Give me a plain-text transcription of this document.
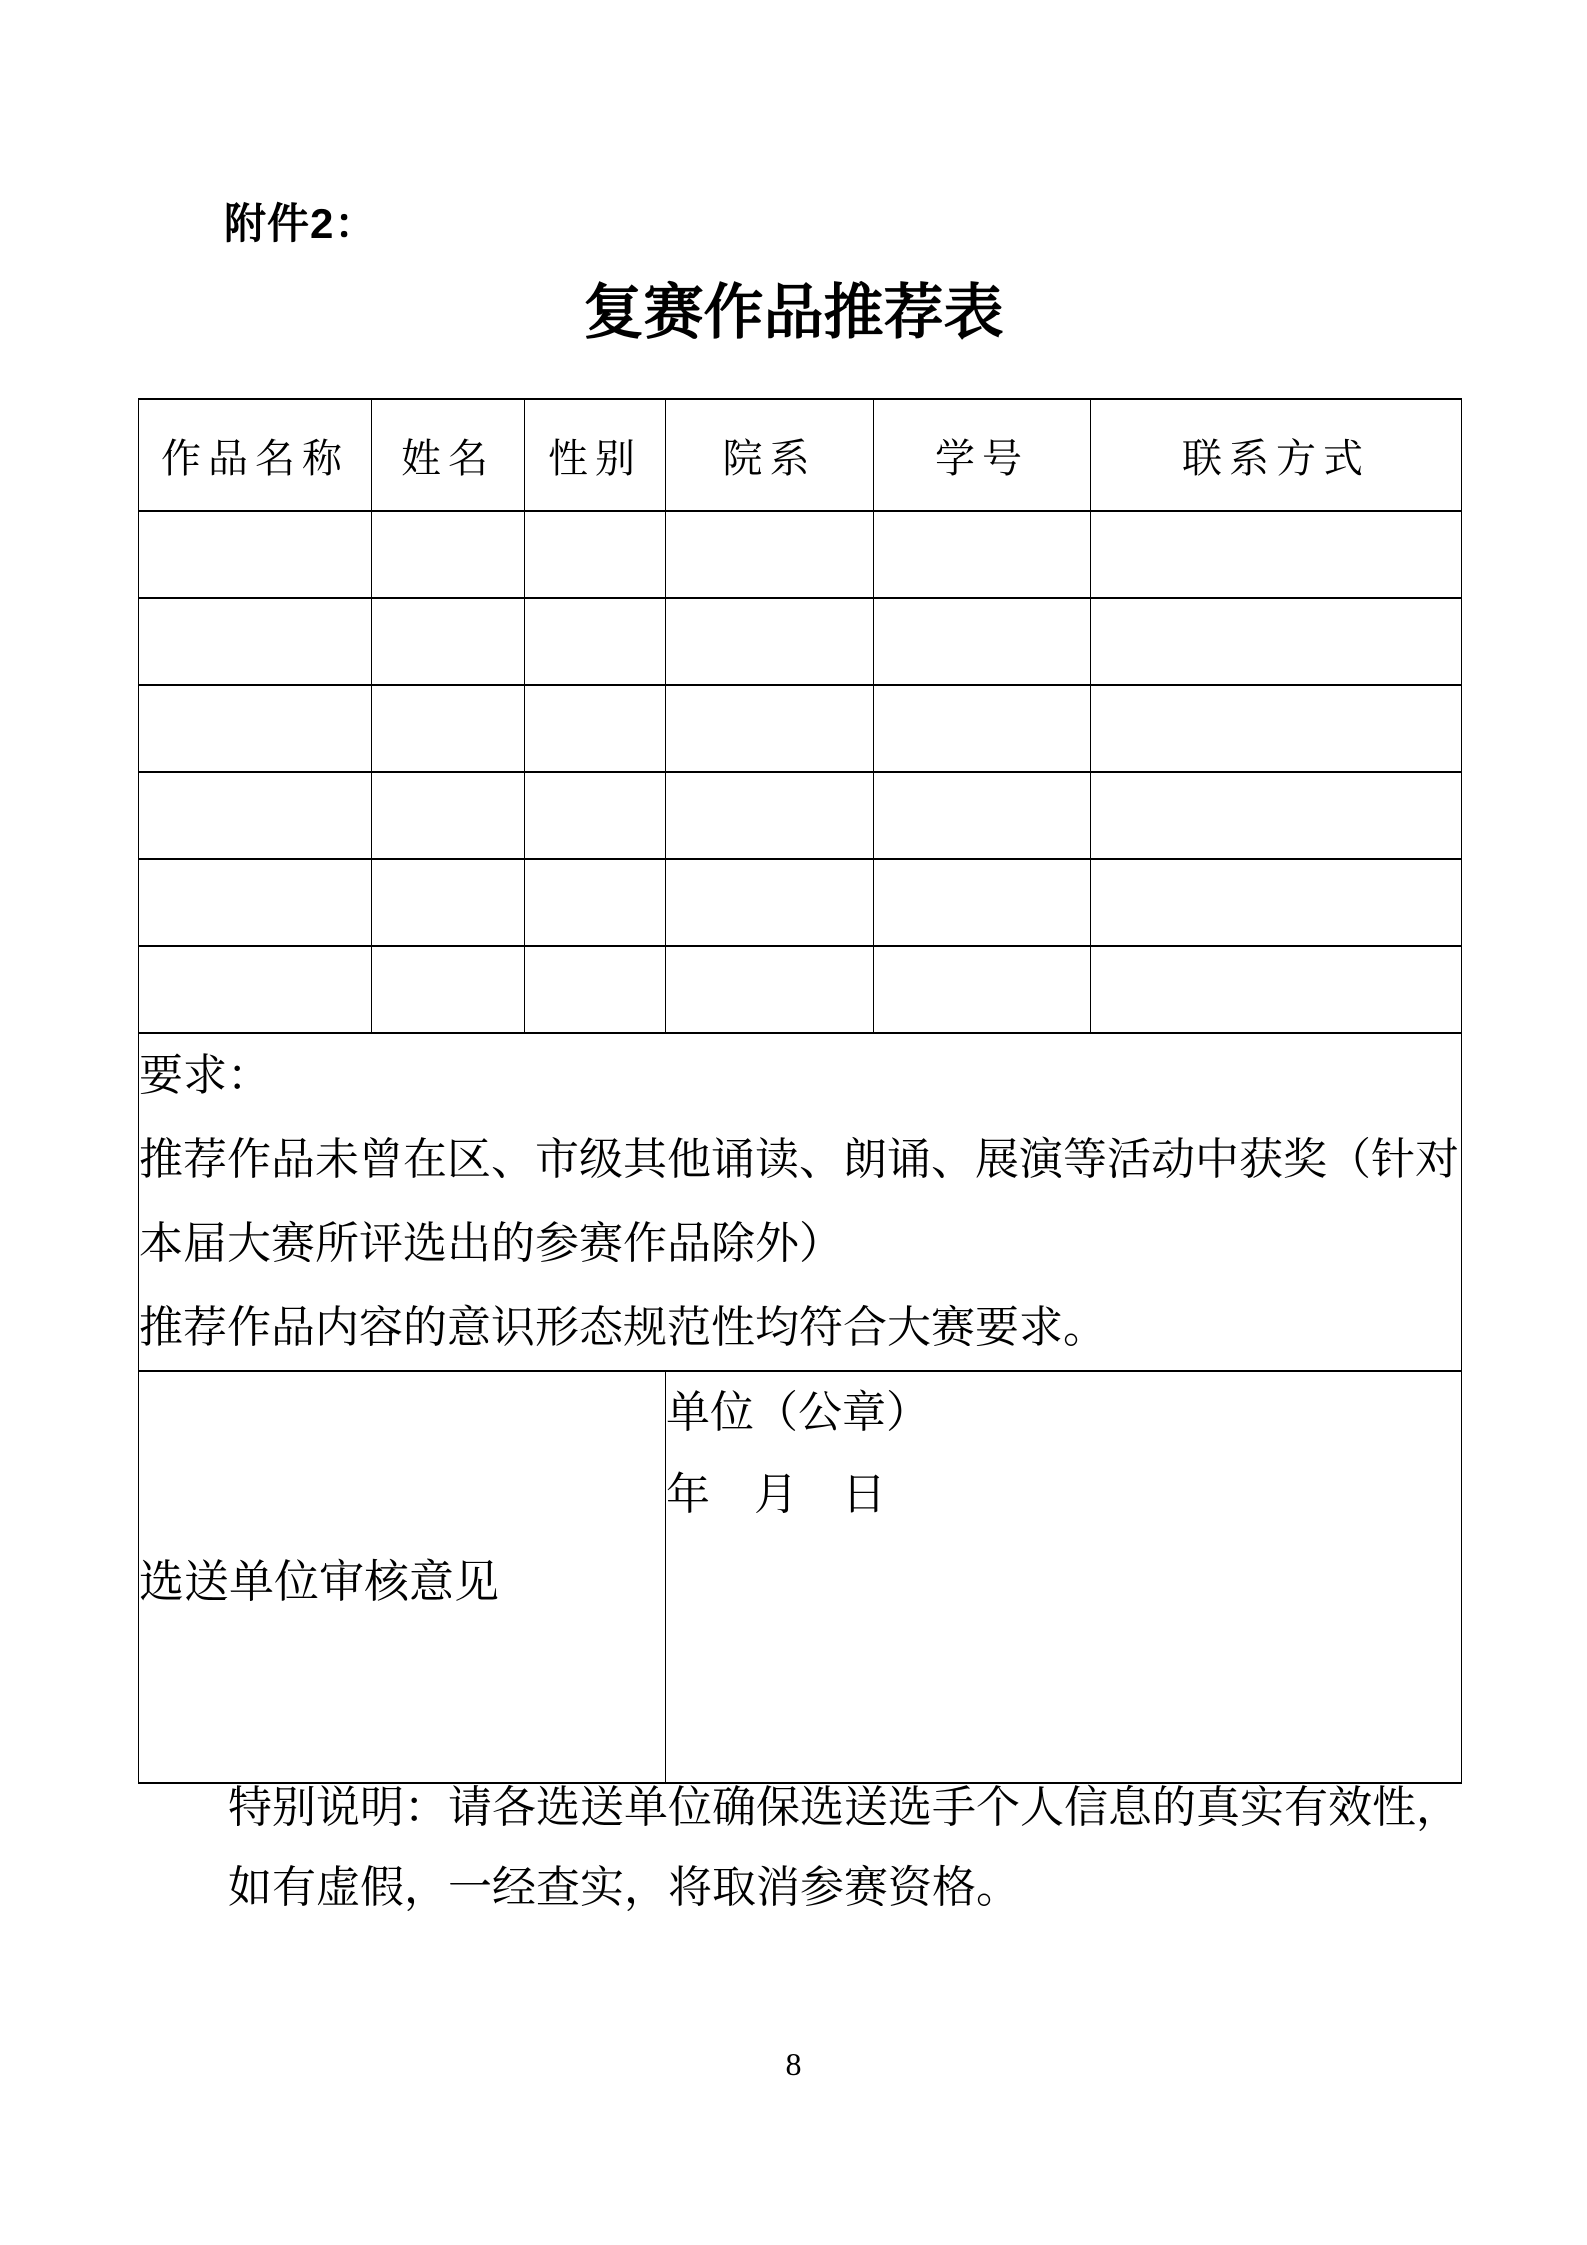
附件2：
复赛作品推荐表
作品名称	姓名	性别	院系	学号	联系方式

要求：
推荐作品未曾在区、市级其他诵读、朗诵、展演等活动中获奖（针对
本届大赛所评选出的参赛作品除外）
推荐作品内容的意识形态规范性均符合大赛要求。					

选送单位审核意见			单位（公章）
年　月　日		
特别说明：请各选送单位确保选送选手个人信息的真实有效性，
如有虚假，一经查实，将取消参赛资格。
8
